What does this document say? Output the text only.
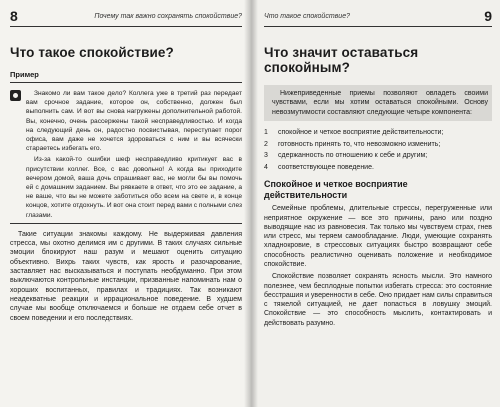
8	Почему так важно сохранять спокойствие?
Что такое спокойствие?
Пример

Знакомо ли вам такое дело? Коллега уже в третий раз передает вам срочное задание, которое он, собственно, должен был выполнить сам. И вот вы снова нагружены дополнительной работой. Вы, конечно, очень рассержены такой несправедливостью. И когда на следующий день он, радостно посвистывая, переступает порог офиса, вам даже не хочется здороваться с ним и вы всячески стараетесь избегать его.

Из-за какой-то ошибки шеф несправедливо критикует вас в присутствии коллег. Все, с вас довольно! А когда вы приходите вечером домой, ваша дочь спрашивает вас, не могли бы вы помочь ей с домашним заданием. Вы рявкаете в ответ, что это ее задание, а не ваше, что вы не можете заботиться обо всем на свете и, в конце концов, хотите отдохнуть. И вот она стоит перед вами с полными слез глазами.

Такие ситуации знакомы каждому. Не выдерживая давления стресса, мы охотно делимся им с другими. В таких случаях сильные эмоции блокируют наш разум и мешают оценить ситуацию объективно. Вихрь таких чувств, как ярость и разочарование, заставляет нас высказываться и поступать необдуманно. При этом выключаются контрольные инстанции, призванные напоминать нам о хороших воспитанных, правилах и традициях. Так возникают неадекватные реакции и иррациональное поведение. В худшем случае мы вообще отключаемся и больше не отдаем себе отчет в своем поведении и его последствиях.

Что такое спокойствие?	9
Что значит оставаться спокойным?

Нижеприведенные приемы позволяют овладеть своими чувствами, если мы хотим оставаться спокойными. Основу невозмутимости составляют следующие четыре компонента:

1	спокойное и четкое восприятие действительности;
2	готовность принять то, что невозможно изменить;
3	сдержанность по отношению к себе и другим;
4	соответствующее поведение.
Спокойное и четкое восприятие действительности

Семейные проблемы, длительные стрессы, перегруженные или неприятное окружение — все это причины, рано или поздно выводящие нас из равновесия. Так только мы чувствуем страх, гнев или стресс, мы теряем самообладание. Люди, умеющие сохранять хладнокровие, в стрессовых ситуациях быстро возвращают себе способность реалистично оценивать положение и необходимое спокойствие.

Спокойствие позволяет сохранять ясность мысли. Это намного полезнее, чем бесплодные попытки избегать стресса: это состояние бесстрашия и уверенности в себе. Оно придает нам силы справиться с тяжелой ситуацией, не дает попасться в ловушку эмоций. Спокойствие — это способность мыслить, контактировать и действовать разумно.
